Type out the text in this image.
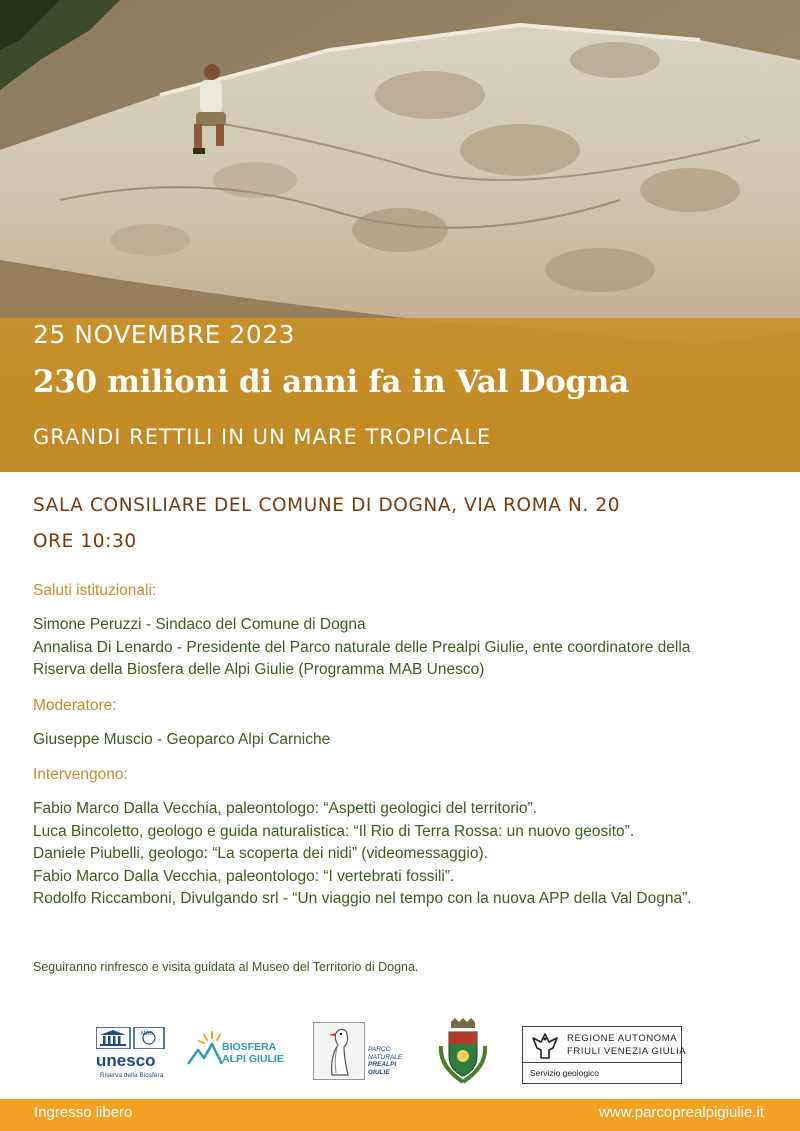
25 NOVEMBRE 2023
230 milioni di anni fa in Val Dogna
GRANDI RETTILI IN UN MARE TROPICALE
SALA CONSILIARE DEL COMUNE DI DOGNA, VIA ROMA N. 20
ORE 10:30
Saluti istituzionali:
Simone Peruzzi - Sindaco del Comune di Dogna
Annalisa Di Lenardo - Presidente del Parco naturale delle Prealpi Giulie, ente coordinatore della
Riserva della Biosfera delle Alpi Giulie (Programma MAB Unesco)
Moderatore:
Giuseppe Muscio - Geoparco Alpi Carniche
Intervengono:
Fabio Marco Dalla Vecchia, paleontologo: “Aspetti geologici del territorio”.
Luca Bincoletto, geologo e guida naturalistica: “Il Rio di Terra Rossa: un nuovo geosito”.
Daniele Piubelli, geologo: “La scoperta dei nidi” (videomessaggio).
Fabio Marco Dalla Vecchia, paleontologo: “I vertebrati fossili”.
Rodolfo Riccamboni, Divulgando srl - “Un viaggio nel tempo con la nuova APP della Val Dogna”.
Seguiranno rinfresco e visita guidata al Museo del Territorio di Dogna.
MAB
unesco
Riserva della Biosfera
BIOSFERA
ALPI GIULIE
PARCO
NATURALE
PREALPI
GIULIE
REGIONE AUTONOMA
FRIULI VENEZIA GIULIA
Servizio geologico
Ingresso libero	www.parcoprealpigiulie.it
